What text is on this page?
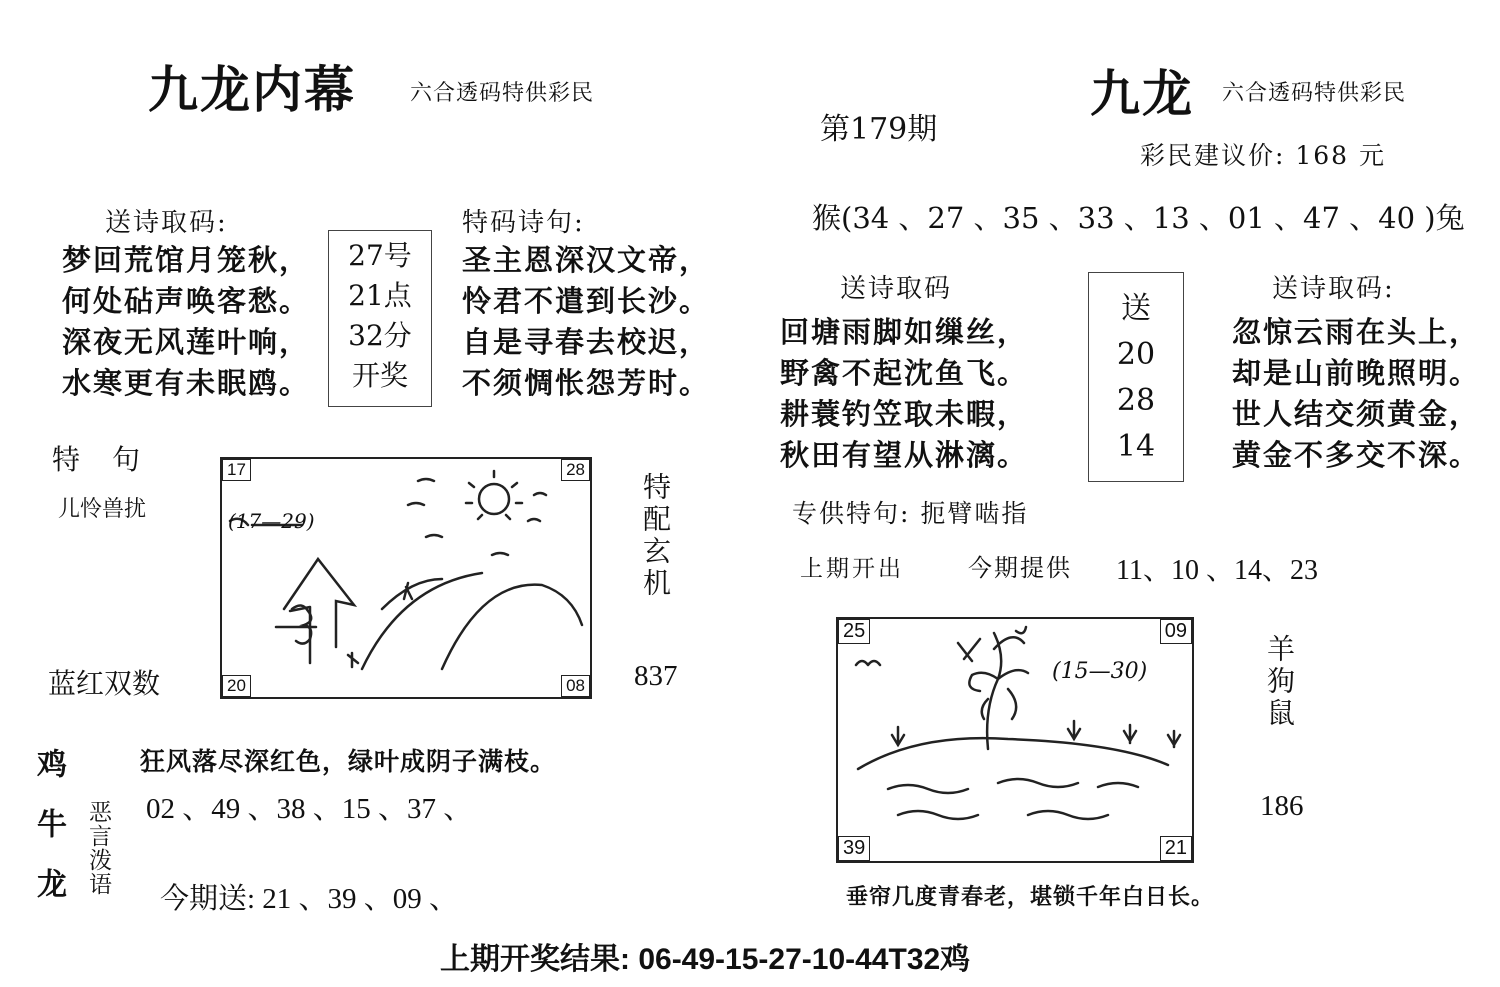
九龙内幕 六合透码特供彩民
送诗取码:
梦回荒馆月笼秋，
何处砧声唤客愁。
深夜无风莲叶响，
水寒更有未眠鸥。
27号
21点
32分
开奖
特码诗句:
圣主恩深汉文帝，
怜君不遣到长沙。
自是寻春去校迟，
不须惆怅怨芳时。
特　句
儿怜兽扰	(17—29)
17	28
20	08
蓝红双数
特配玄机
837
鸡牛龙 恶言泼语
狂风落尽深红色，绿叶成阴子满枝。
02 、49 、38 、15 、37 、
今期送: 21 、39 、09 、
九龙 六合透码特供彩民
第179期
彩民建议价: 168 元
猴(34 、27 、35 、33 、13 、01 、47 、40 )兔
送诗取码
回塘雨脚如缫丝，
野禽不起沈鱼飞。
耕蓑钓笠取未暇，
秋田有望从淋漓。
送
20
28
14
送诗取码:
忽惊云雨在头上，
却是山前晚照明。
世人结交须黄金，
黄金不多交不深。
专供特句: 扼臂啮指
上期开出	今期提供 11、10 、14、23
(15—30)
25	09
39	21
羊狗鼠
186
垂帘几度青春老，堪锁千年白日长。
上期开奖结果: 06-49-15-27-10-44T32鸡
